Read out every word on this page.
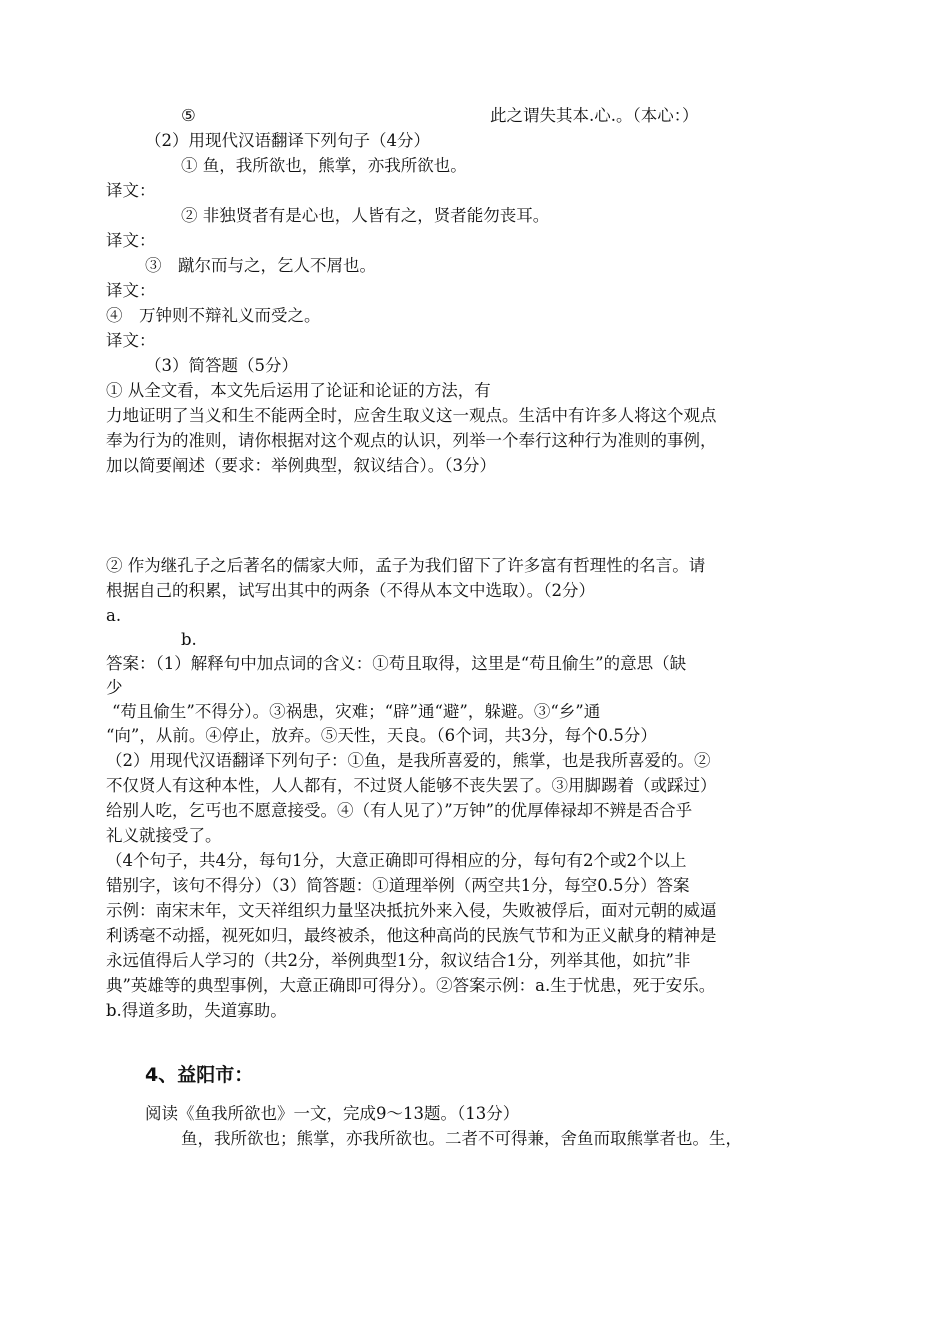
⑤	此之谓失其本.心.。（本心：）
（2）用现代汉语翻译下列句子（4分）
① 鱼，我所欲也，熊掌，亦我所欲也。
译文：
② 非独贤者有是心也，人皆有之，贤者能勿丧耳。
译文：
③　蹴尔而与之，乞人不屑也。
译文：
④　万钟则不辩礼义而受之。
译文：
（3）简答题（5分）
① 从全文看，本文先后运用了论证和论证的方法，有
力地证明了当义和生不能两全时，应舍生取义这一观点。生活中有许多人将这个观点
奉为行为的准则，请你根据对这个观点的认识，列举一个奉行这种行为准则的事例，
加以简要阐述（要求：举例典型，叙议结合）。（3分）
② 作为继孔子之后著名的儒家大师，孟子为我们留下了许多富有哲理性的名言。请
根据自己的积累，试写出其中的两条（不得从本文中选取）。（2分）
a.
b.
答案：（1）解释句中加点词的含义：①苟且取得，这里是“苟且偷生”的意思（缺
少
“苟且偷生”不得分）。③祸患，灾难；“辟”通“避”，躲避。③“乡”通
“向”，从前。④停止，放弃。⑤天性，天良。（6个词，共3分，每个0.5分）
（2）用现代汉语翻译下列句子：①鱼，是我所喜爱的，熊掌，也是我所喜爱的。②
不仅贤人有这种本性，人人都有，不过贤人能够不丧失罢了。③用脚踢着（或踩过）
给别人吃，乞丐也不愿意接受。④（有人见了）”万钟”的优厚俸禄却不辨是否合乎
礼义就接受了。
（4个句子，共4分，每句1分，大意正确即可得相应的分，每句有2个或2个以上
错别字，该句不得分）（3）简答题：①道理举例（两空共1分，每空0.5分）答案
示例：南宋末年，文天祥组织力量坚决抵抗外来入侵，失败被俘后，面对元朝的威逼
利诱毫不动摇，视死如归，最终被杀，他这种高尚的民族气节和为正义献身的精神是
永远值得后人学习的（共2分，举例典型1分，叙议结合1分，列举其他，如抗”非
典”英雄等的典型事例，大意正确即可得分）。②答案示例：a.生于忧患，死于安乐。
b.得道多助，失道寡助。
4、益阳市：
阅读《鱼我所欲也》一文，完成9～13题。（13分）
鱼，我所欲也；熊掌，亦我所欲也。二者不可得兼，舍鱼而取熊掌者也。生，
